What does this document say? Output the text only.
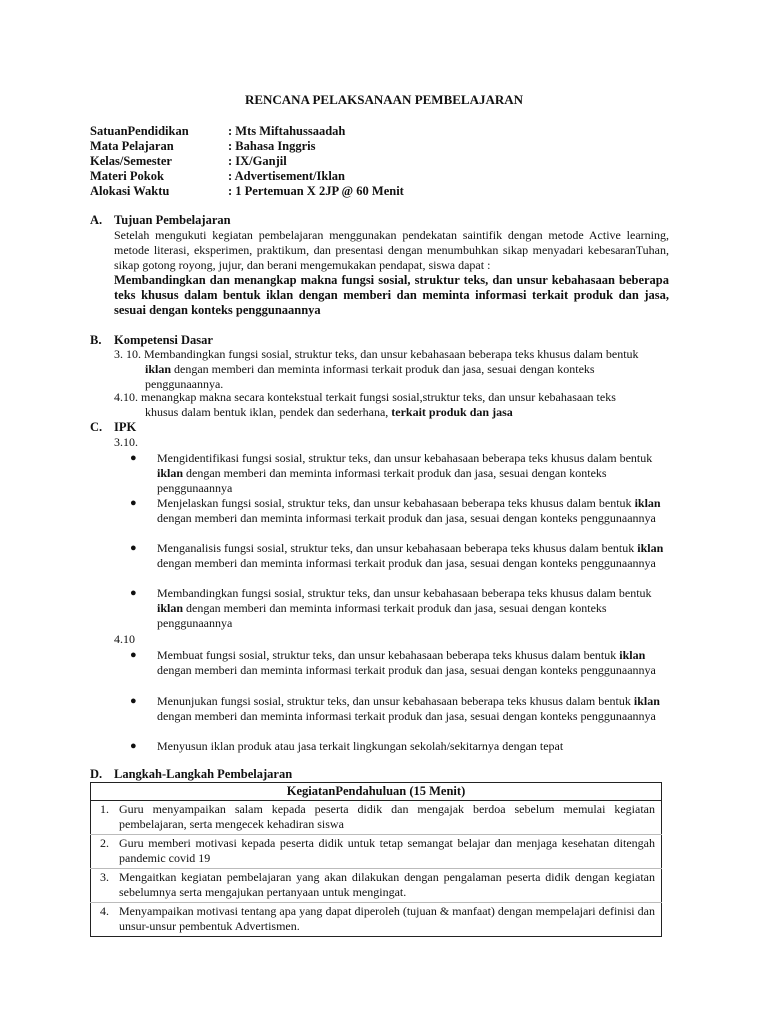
RENCANA PELAKSANAAN PEMBELAJARAN
SatuanPendidikan	: Mts Miftahussaadah
Mata Pelajaran	: Bahasa Inggris
Kelas/Semester	: IX/Ganjil
Materi Pokok	: Advertisement/Iklan
Alokasi Waktu	: 1 Pertemuan X 2JP @ 60 Menit
A. Tujuan Pembelajaran
Setelah mengukuti kegiatan pembelajaran menggunakan pendekatan saintifik dengan metode Active learning, metode literasi, eksperimen, praktikum, dan presentasi dengan menumbuhkan sikap menyadari kebesaranTuhan, sikap gotong royong, jujur, dan berani mengemukakan pendapat, siswa dapat :
Membandingkan dan menangkap makna fungsi sosial, struktur teks, dan unsur kebahasaan beberapa teks khusus dalam bentuk iklan dengan memberi dan meminta informasi terkait produk dan jasa, sesuai dengan konteks penggunaannya
B. Kompetensi Dasar
3. 10. Membandingkan fungsi sosial, struktur teks, dan unsur kebahasaan beberapa teks khusus dalam bentuk
iklan dengan memberi dan meminta informasi terkait produk dan jasa, sesuai dengan konteks penggunaannya.
4.10. menangkap makna secara kontekstual terkait fungsi sosial,struktur teks, dan unsur kebahasaan teks
khusus dalam bentuk iklan, pendek dan sederhana, terkait produk dan jasa
C. IPK
3.10.
● Mengidentifikasi fungsi sosial, struktur teks, dan unsur kebahasaan beberapa teks khusus dalam bentuk iklan dengan memberi dan meminta informasi terkait produk dan jasa, sesuai dengan konteks penggunaannya
● Menjelaskan fungsi sosial, struktur teks, dan unsur kebahasaan beberapa teks khusus dalam bentuk iklan dengan memberi dan meminta informasi terkait produk dan jasa, sesuai dengan konteks penggunaannya
● Menganalisis fungsi sosial, struktur teks, dan unsur kebahasaan beberapa teks khusus dalam bentuk iklan dengan memberi dan meminta informasi terkait produk dan jasa, sesuai dengan konteks penggunaannya
● Membandingkan fungsi sosial, struktur teks, dan unsur kebahasaan beberapa teks khusus dalam bentuk iklan dengan memberi dan meminta informasi terkait produk dan jasa, sesuai dengan konteks penggunaannya
4.10
● Membuat fungsi sosial, struktur teks, dan unsur kebahasaan beberapa teks khusus dalam bentuk iklan dengan memberi dan meminta informasi terkait produk dan jasa, sesuai dengan konteks penggunaannya
● Menunjukan fungsi sosial, struktur teks, dan unsur kebahasaan beberapa teks khusus dalam bentuk iklan dengan memberi dan meminta informasi terkait produk dan jasa, sesuai dengan konteks penggunaannya
● Menyusun iklan produk atau jasa terkait lingkungan sekolah/sekitarnya dengan tepat
D. Langkah-Langkah Pembelajaran
KegiatanPendahuluan (15 Menit)

1. Guru menyampaikan salam kepada peserta didik dan mengajak berdoa sebelum memulai kegiatan pembelajaran, serta mengecek kehadiran siswa

2. Guru memberi motivasi kepada peserta didik untuk tetap semangat belajar dan menjaga kesehatan ditengah pandemic covid 19

3. Mengaitkan kegiatan pembelajaran yang akan dilakukan dengan pengalaman peserta didik dengan kegiatan sebelumnya serta mengajukan pertanyaan untuk mengingat.

4. Menyampaikan motivasi tentang apa yang dapat diperoleh (tujuan & manfaat) dengan mempelajari definisi dan unsur-unsur pembentuk Advertismen.
